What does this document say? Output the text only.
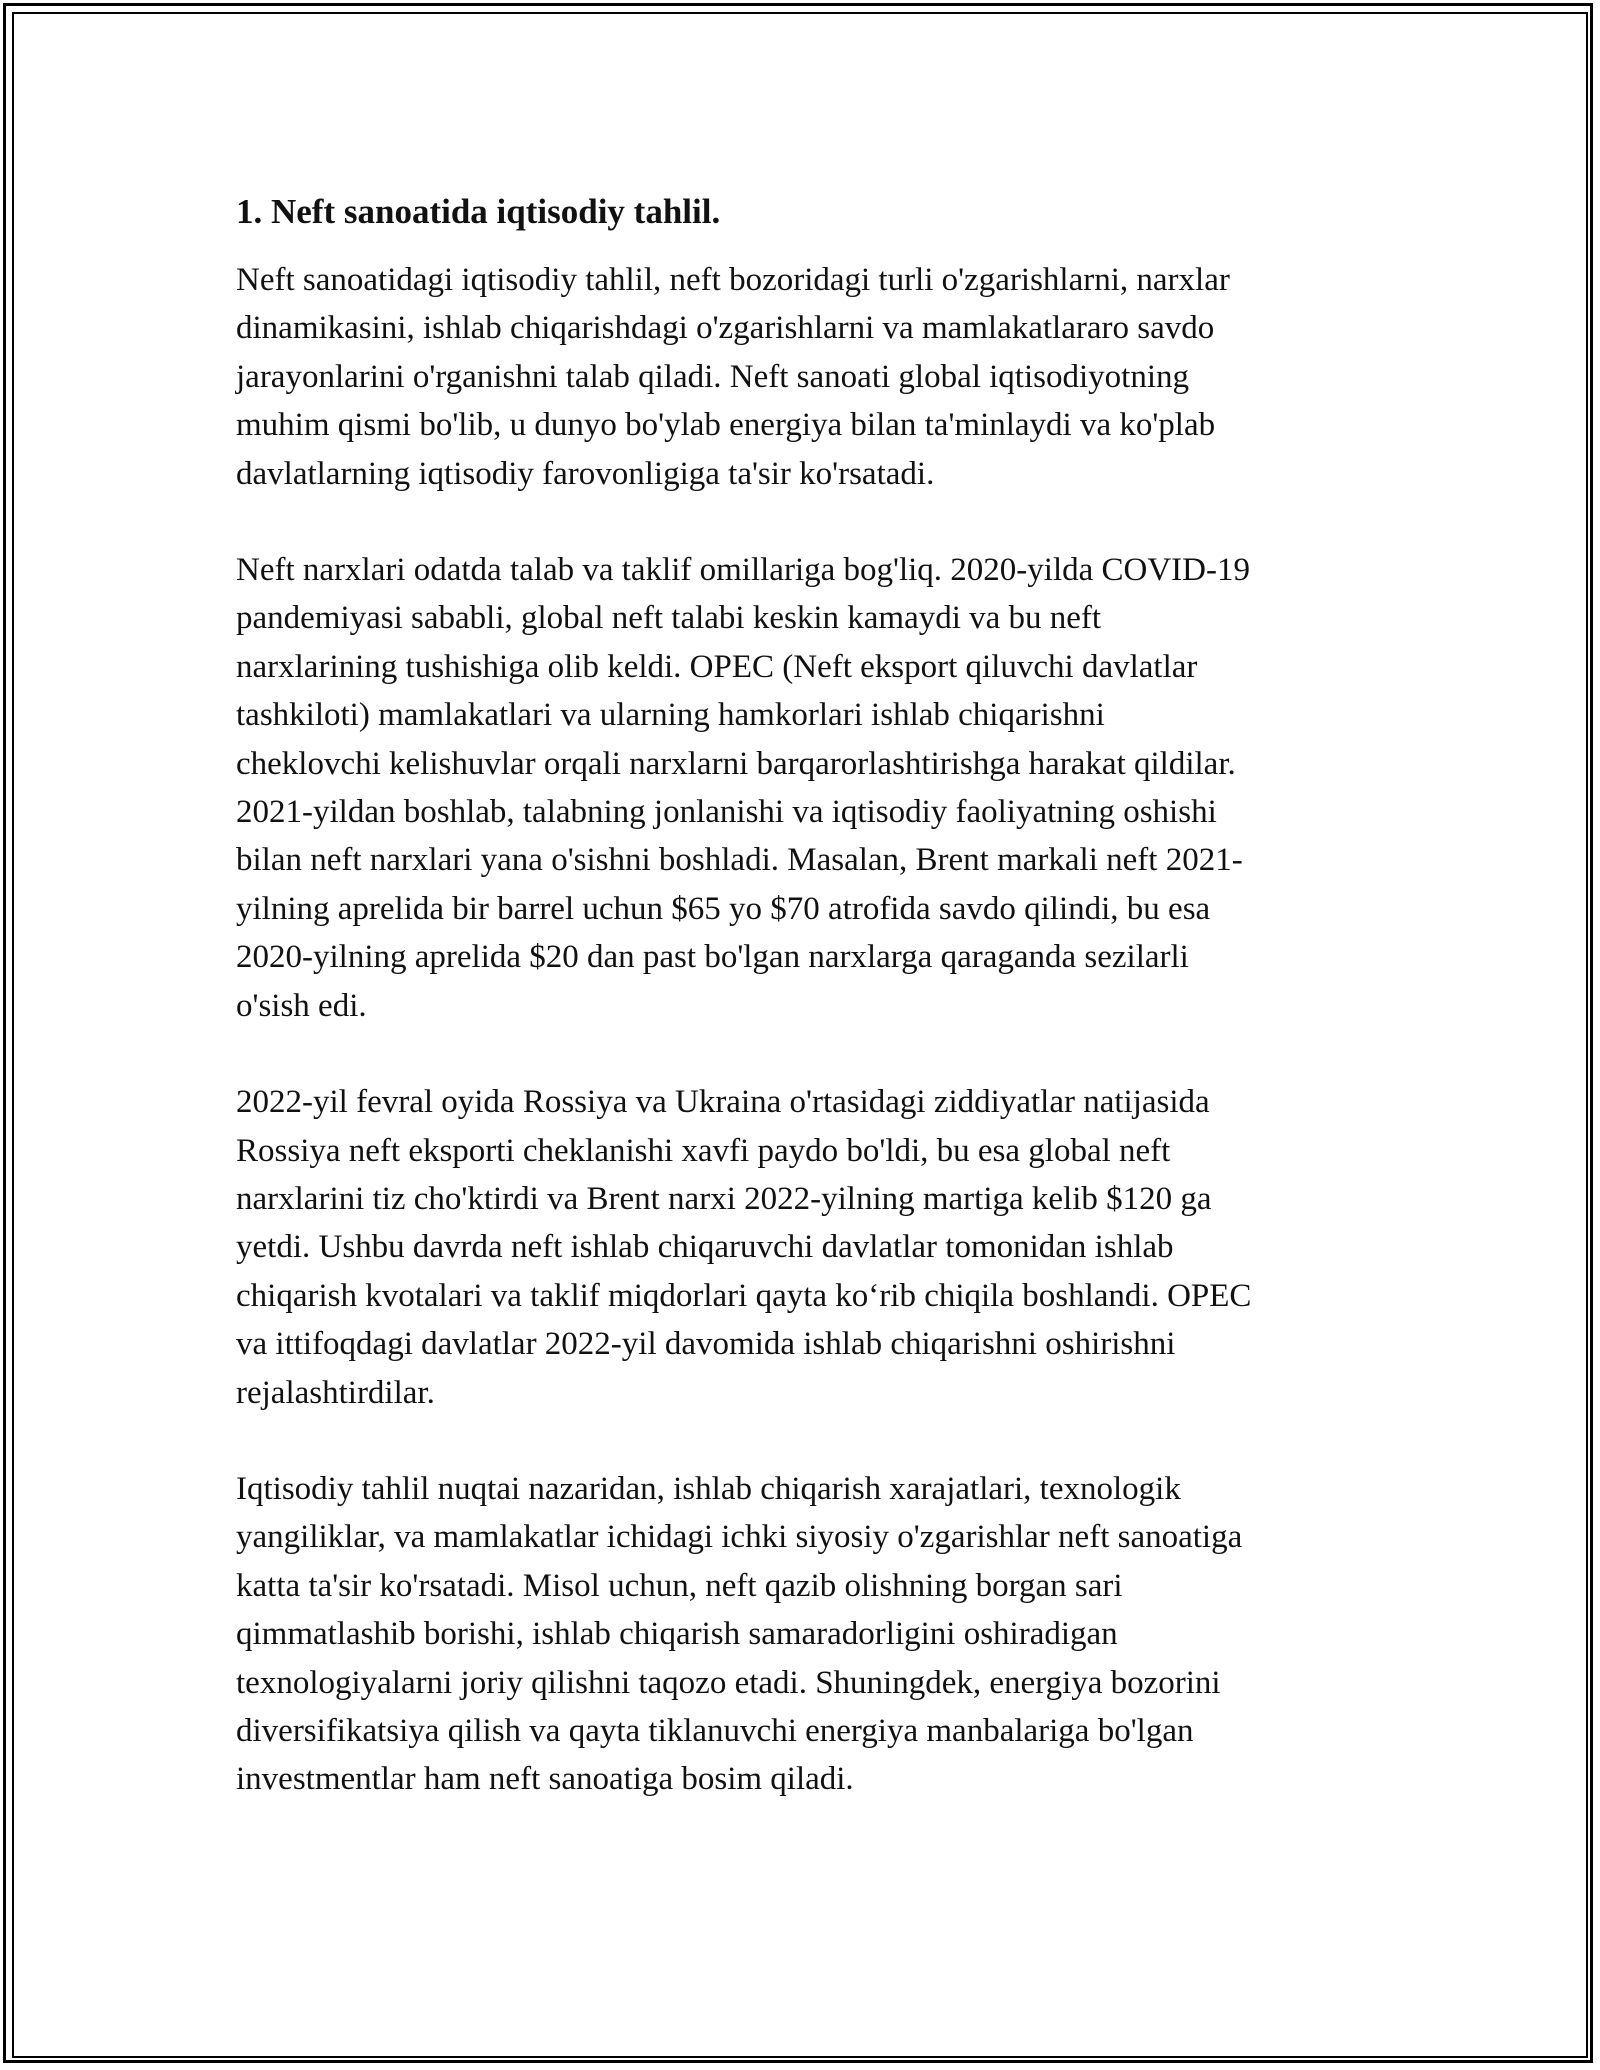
1. Neft sanoatida iqtisodiy tahlil.
Neft sanoatidagi iqtisodiy tahlil, neft bozoridagi turli o'zgarishlarni, narxlar
dinamikasini, ishlab chiqarishdagi o'zgarishlarni va mamlakatlararo savdo
jarayonlarini o'rganishni talab qiladi. Neft sanoati global iqtisodiyotning
muhim qismi bo'lib, u dunyo bo'ylab energiya bilan ta'minlaydi va ko'plab
davlatlarning iqtisodiy farovonligiga ta'sir ko'rsatadi.
Neft narxlari odatda talab va taklif omillariga bog'liq. 2020-yilda COVID-19
pandemiyasi sababli, global neft talabi keskin kamaydi va bu neft
narxlarining tushishiga olib keldi. OPEC (Neft eksport qiluvchi davlatlar
tashkiloti) mamlakatlari va ularning hamkorlari ishlab chiqarishni
cheklovchi kelishuvlar orqali narxlarni barqarorlashtirishga harakat qildilar.
2021-yildan boshlab, talabning jonlanishi va iqtisodiy faoliyatning oshishi
bilan neft narxlari yana o'sishni boshladi. Masalan, Brent markali neft 2021-
yilning aprelida bir barrel uchun $65 yo $70 atrofida savdo qilindi, bu esa
2020-yilning aprelida $20 dan past bo'lgan narxlarga qaraganda sezilarli
o'sish edi.
2022-yil fevral oyida Rossiya va Ukraina o'rtasidagi ziddiyatlar natijasida
Rossiya neft eksporti cheklanishi xavfi paydo bo'ldi, bu esa global neft
narxlarini tiz cho'ktirdi va Brent narxi 2022-yilning martiga kelib $120 ga
yetdi. Ushbu davrda neft ishlab chiqaruvchi davlatlar tomonidan ishlab
chiqarish kvotalari va taklif miqdorlari qayta ko‘rib chiqila boshlandi. OPEC
va ittifoqdagi davlatlar 2022-yil davomida ishlab chiqarishni oshirishni
rejalashtirdilar.
Iqtisodiy tahlil nuqtai nazaridan, ishlab chiqarish xarajatlari, texnologik
yangiliklar, va mamlakatlar ichidagi ichki siyosiy o'zgarishlar neft sanoatiga
katta ta'sir ko'rsatadi. Misol uchun, neft qazib olishning borgan sari
qimmatlashib borishi, ishlab chiqarish samaradorligini oshiradigan
texnologiyalarni joriy qilishni taqozo etadi. Shuningdek, energiya bozorini
diversifikatsiya qilish va qayta tiklanuvchi energiya manbalariga bo'lgan
investmentlar ham neft sanoatiga bosim qiladi.
